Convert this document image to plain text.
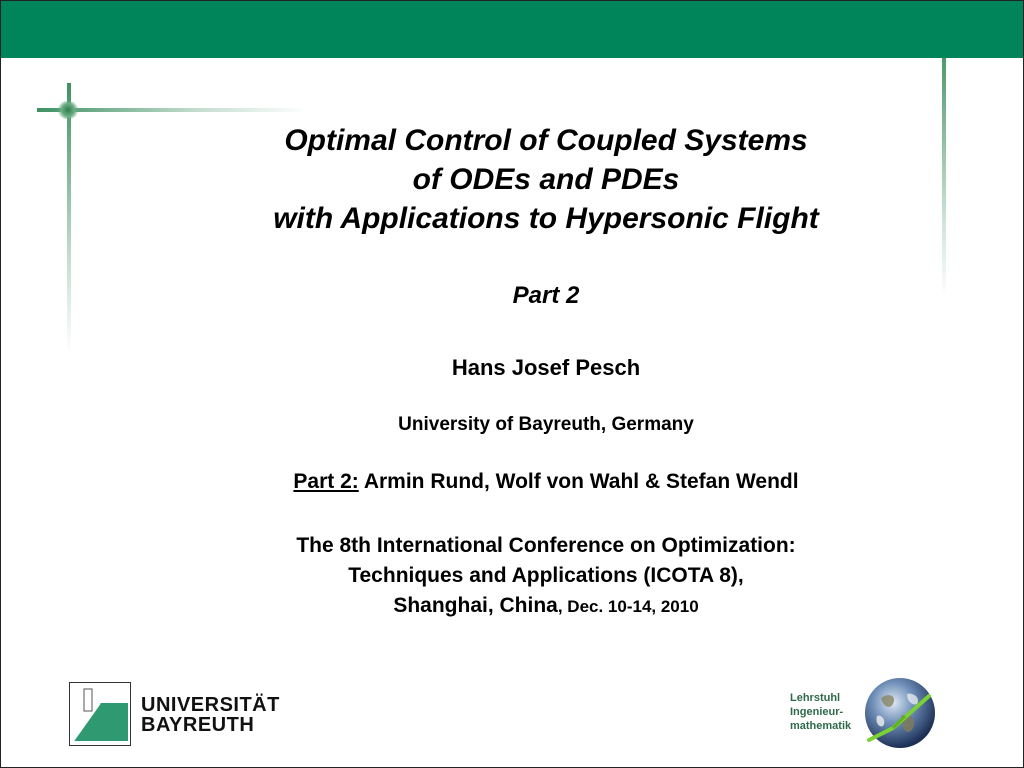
Optimal Control of Coupled Systems
of ODEs and PDEs
with Applications to Hypersonic Flight
Part 2
Hans Josef Pesch
University of Bayreuth, Germany
Part 2: Armin Rund, Wolf von Wahl & Stefan Wendl
The 8th International Conference on Optimization:
Techniques and Applications (ICOTA 8),
Shanghai, China, Dec. 10-14, 2010
UNIVERSITÄT
BAYREUTH
Lehrstuhl
Ingenieur-
mathematik
